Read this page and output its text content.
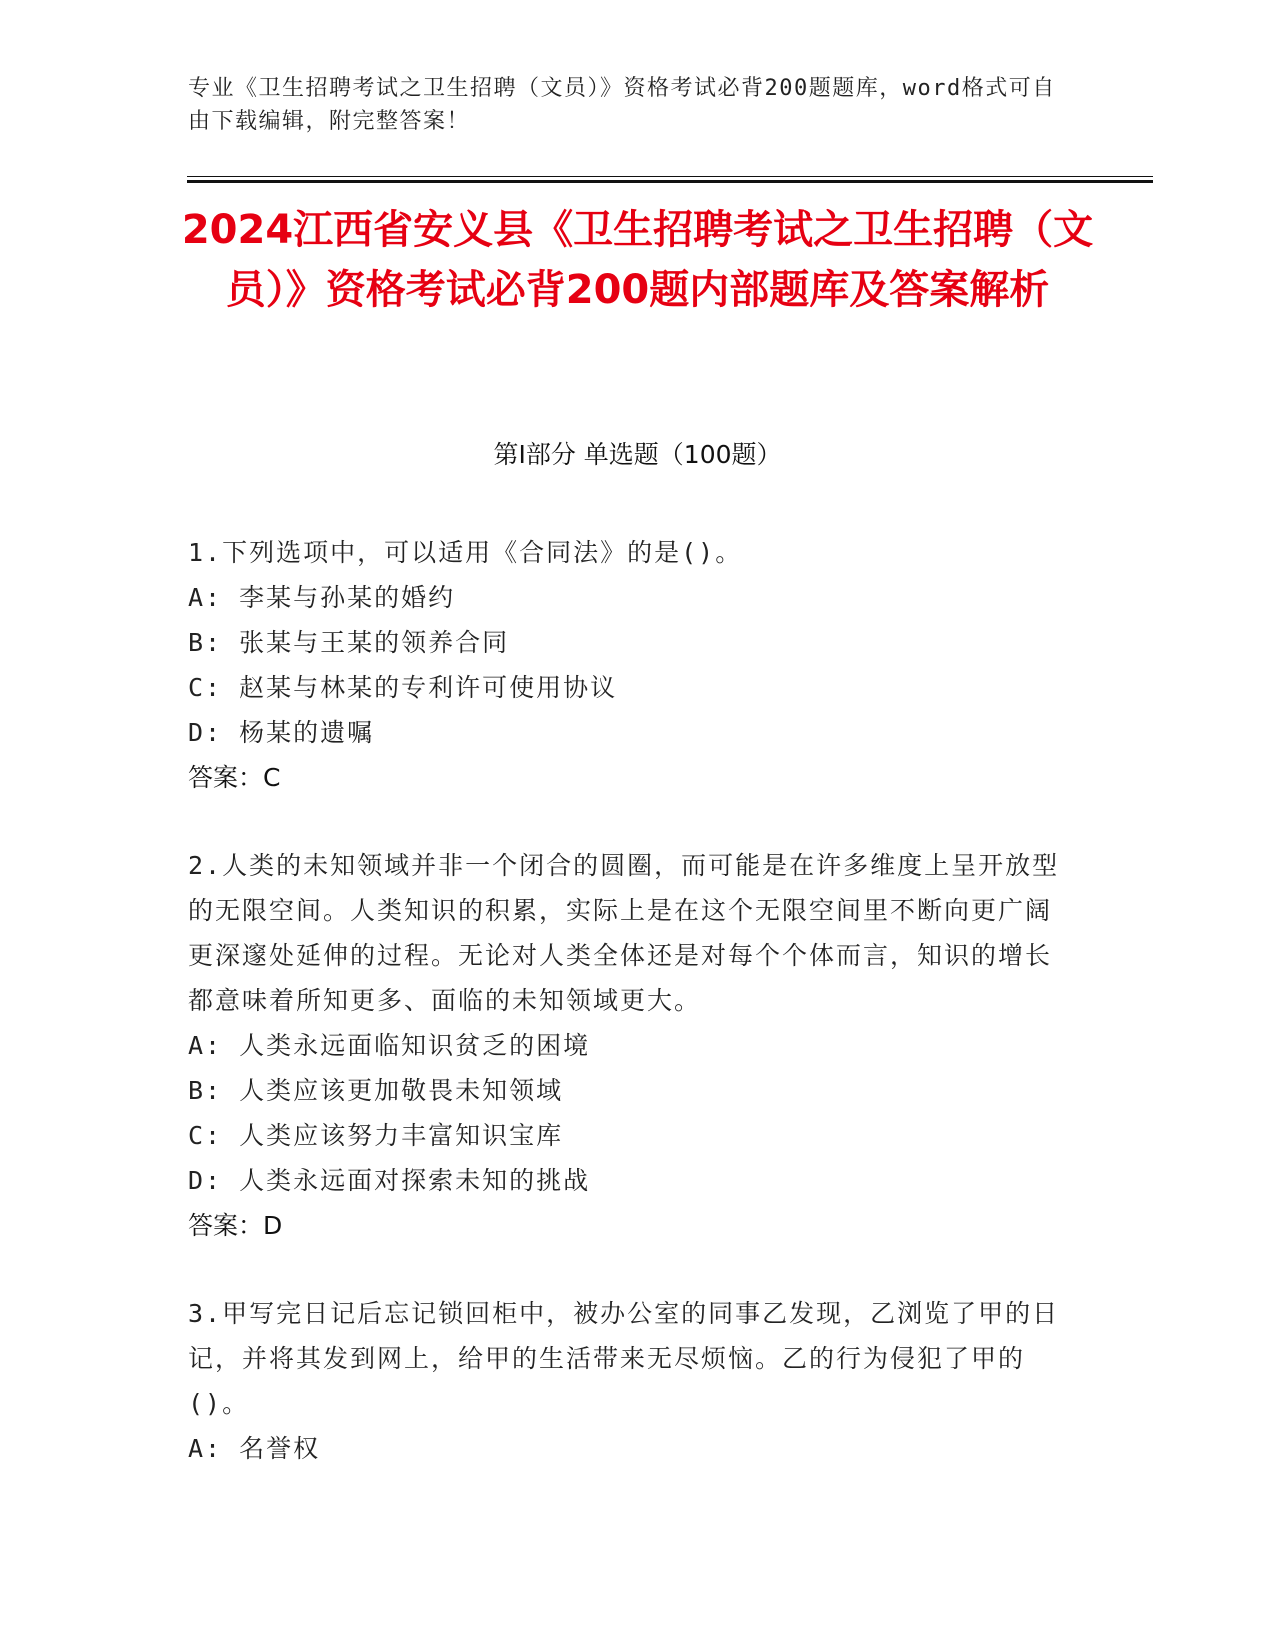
专业《卫生招聘考试之卫生招聘（文员）》资格考试必背200题题库，word格式可自由下载编辑，附完整答案！
2024江西省安义县《卫生招聘考试之卫生招聘（文员）》资格考试必背200题内部题库及答案解析
第I部分 单选题（100题）
1.下列选项中，可以适用《合同法》的是()。
A: 李某与孙某的婚约
B: 张某与王某的领养合同
C: 赵某与林某的专利许可使用协议
D: 杨某的遗嘱
答案：C
2.人类的未知领域并非一个闭合的圆圈，而可能是在许多维度上呈开放型的无限空间。人类知识的积累，实际上是在这个无限空间里不断向更广阔更深邃处延伸的过程。无论对人类全体还是对每个个体而言，知识的增长都意味着所知更多、面临的未知领域更大。
A: 人类永远面临知识贫乏的困境
B: 人类应该更加敬畏未知领域
C: 人类应该努力丰富知识宝库
D: 人类永远面对探索未知的挑战
答案：D
3.甲写完日记后忘记锁回柜中，被办公室的同事乙发现，乙浏览了甲的日记，并将其发到网上，给甲的生活带来无尽烦恼。乙的行为侵犯了甲的()。
A: 名誉权
